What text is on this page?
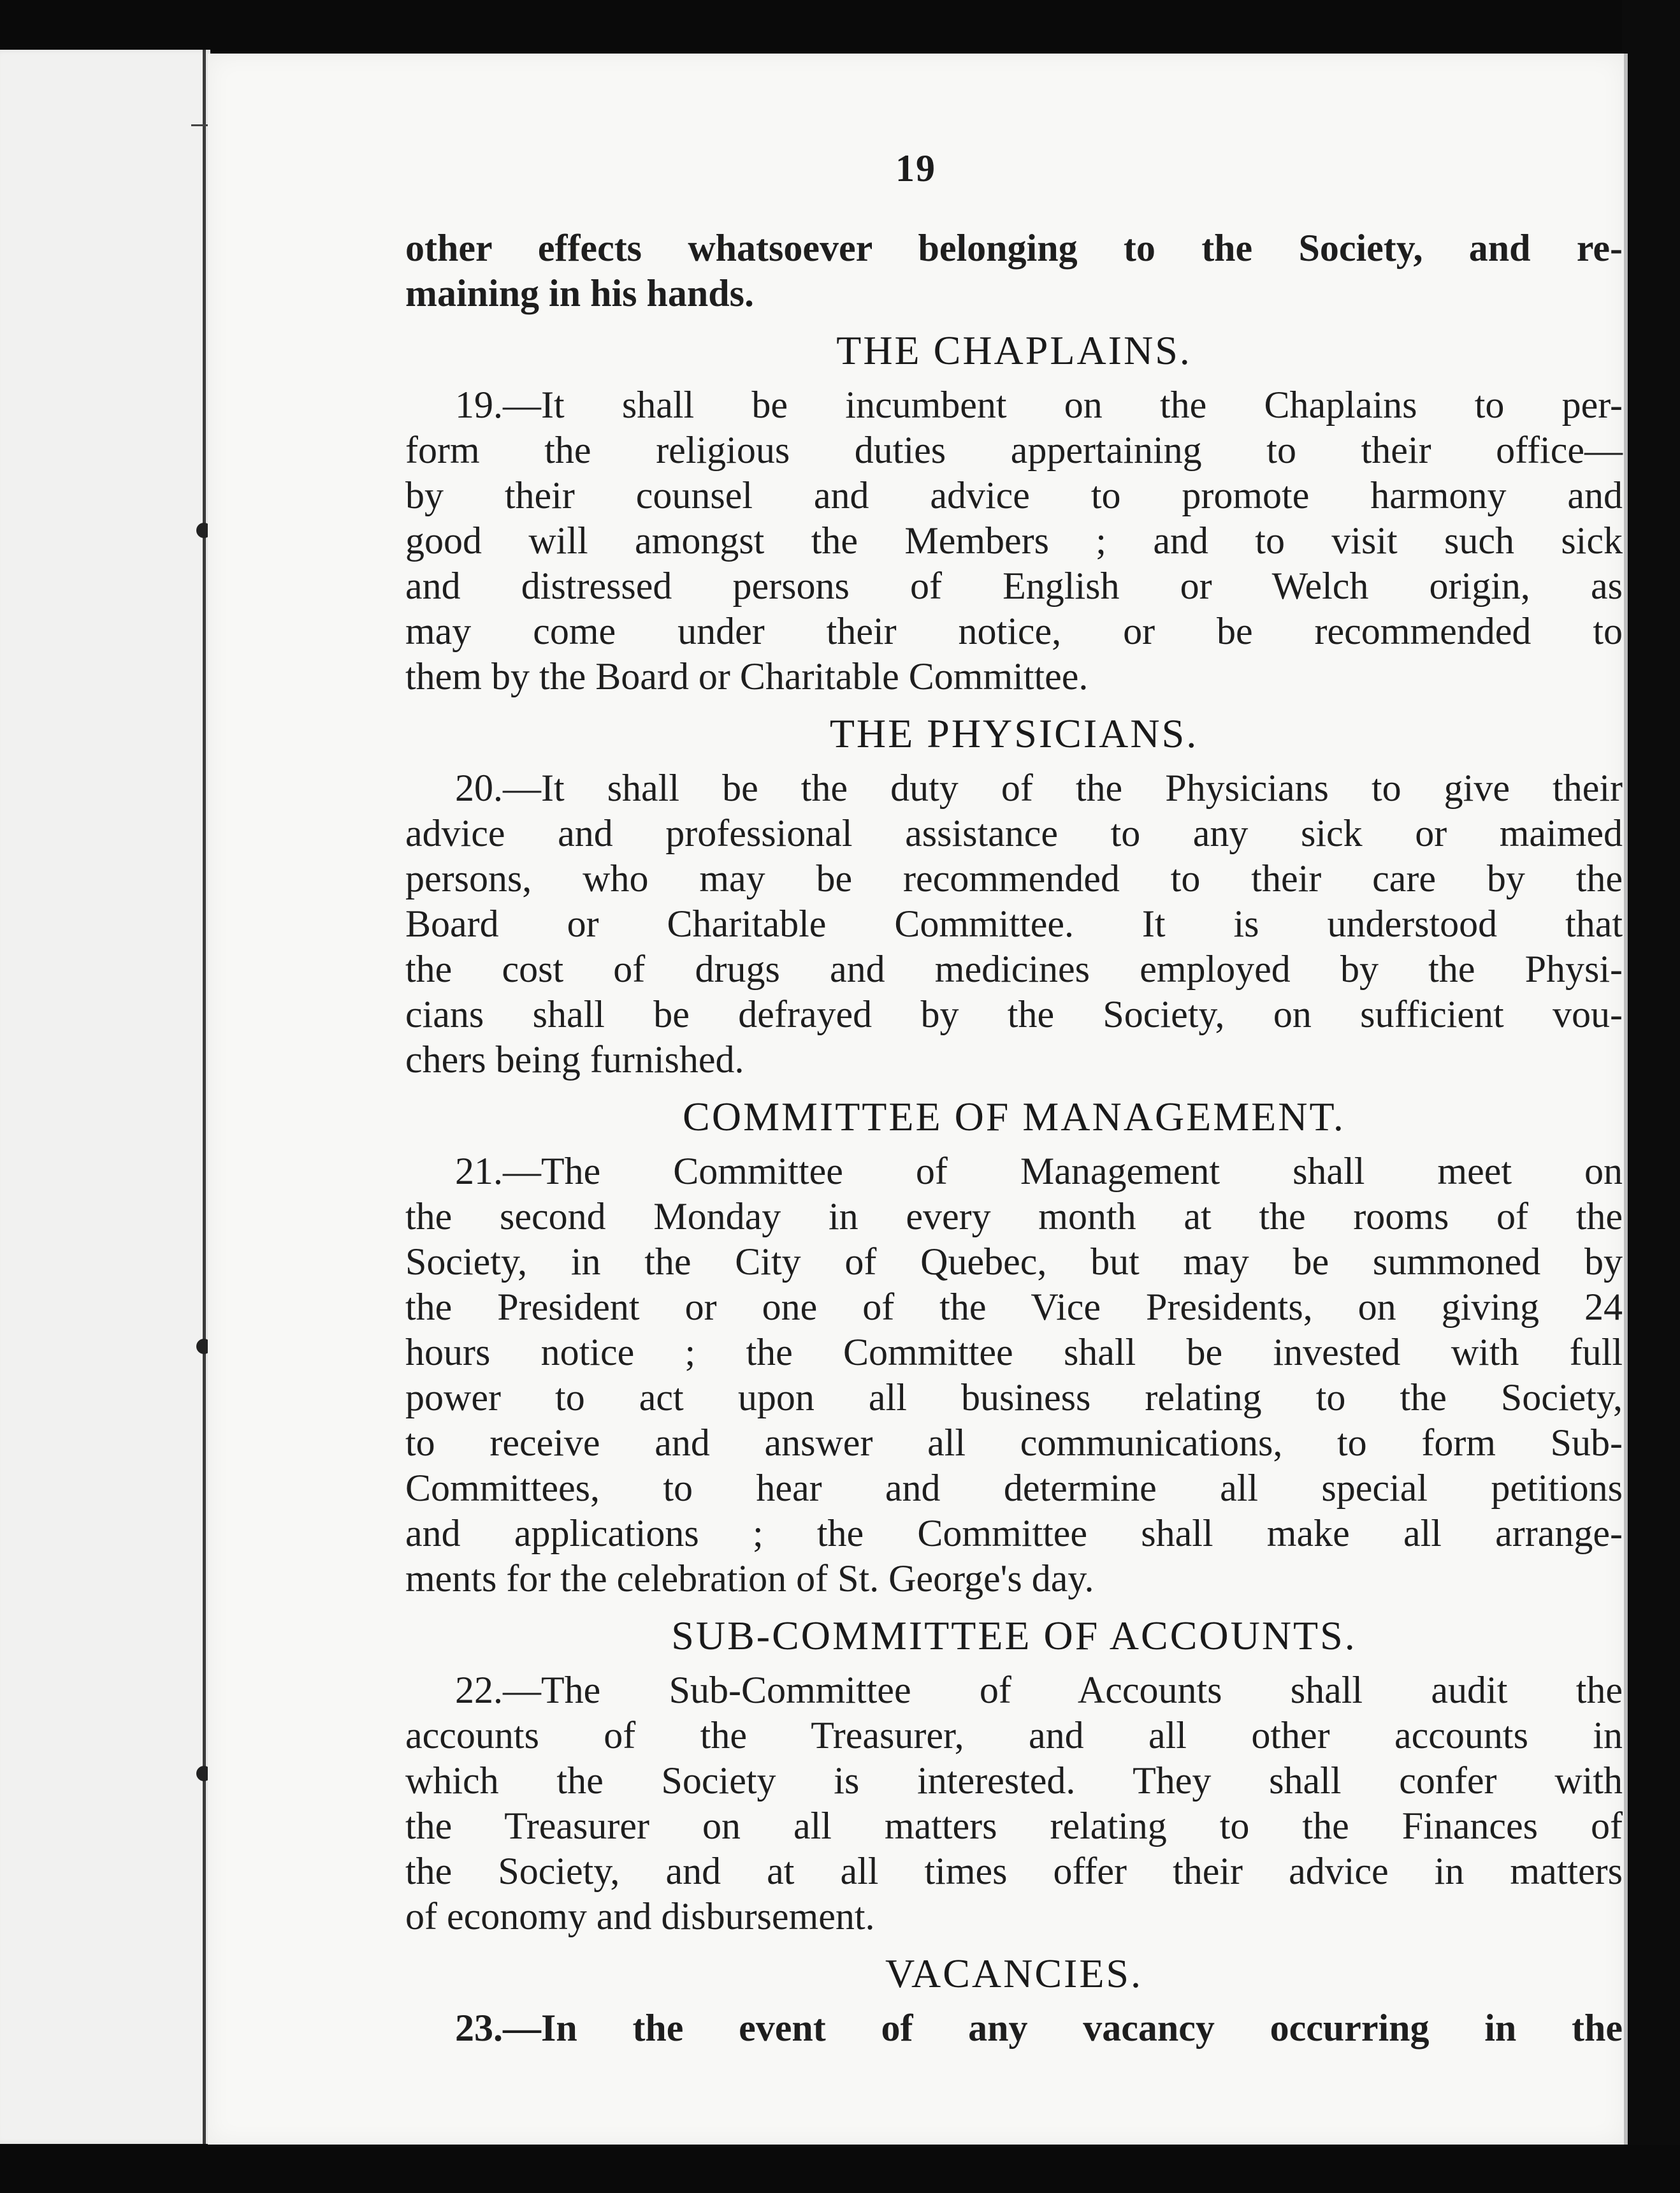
19
other effects whatsoever belonging to the Society, and re-
maining in his hands.
THE CHAPLAINS.
19.—It shall be incumbent on the Chaplains to per-
form the religious duties appertaining to their office—
by their counsel and advice to promote harmony and
good will amongst the Members ; and to visit such sick
and distressed persons of English or Welch origin, as
may come under their notice, or be recommended to
them by the Board or Charitable Committee.
THE PHYSICIANS.
20.—It shall be the duty of the Physicians to give their
advice and professional assistance to any sick or maimed
persons, who may be recommended to their care by the
Board or Charitable Committee. It is understood that
the cost of drugs and medicines employed by the Physi-
cians shall be defrayed by the Society, on sufficient vou-
chers being furnished.
COMMITTEE OF MANAGEMENT.
21.—The Committee of Management shall meet on
the second Monday in every month at the rooms of the
Society, in the City of Quebec, but may be summoned by
the President or one of the Vice Presidents, on giving 24
hours notice ; the Committee shall be invested with full
power to act upon all business relating to the Society,
to receive and answer all communications, to form Sub-
Committees, to hear and determine all special petitions
and applications ; the Committee shall make all arrange-
ments for the celebration of St. George's day.
SUB-COMMITTEE OF ACCOUNTS.
22.—The Sub-Committee of Accounts shall audit the
accounts of the Treasurer, and all other accounts in
which the Society is interested. They shall confer with
the Treasurer on all matters relating to the Finances of
the Society, and at all times offer their advice in matters
of economy and disbursement.
VACANCIES.
23.—In the event of any vacancy occurring in the
